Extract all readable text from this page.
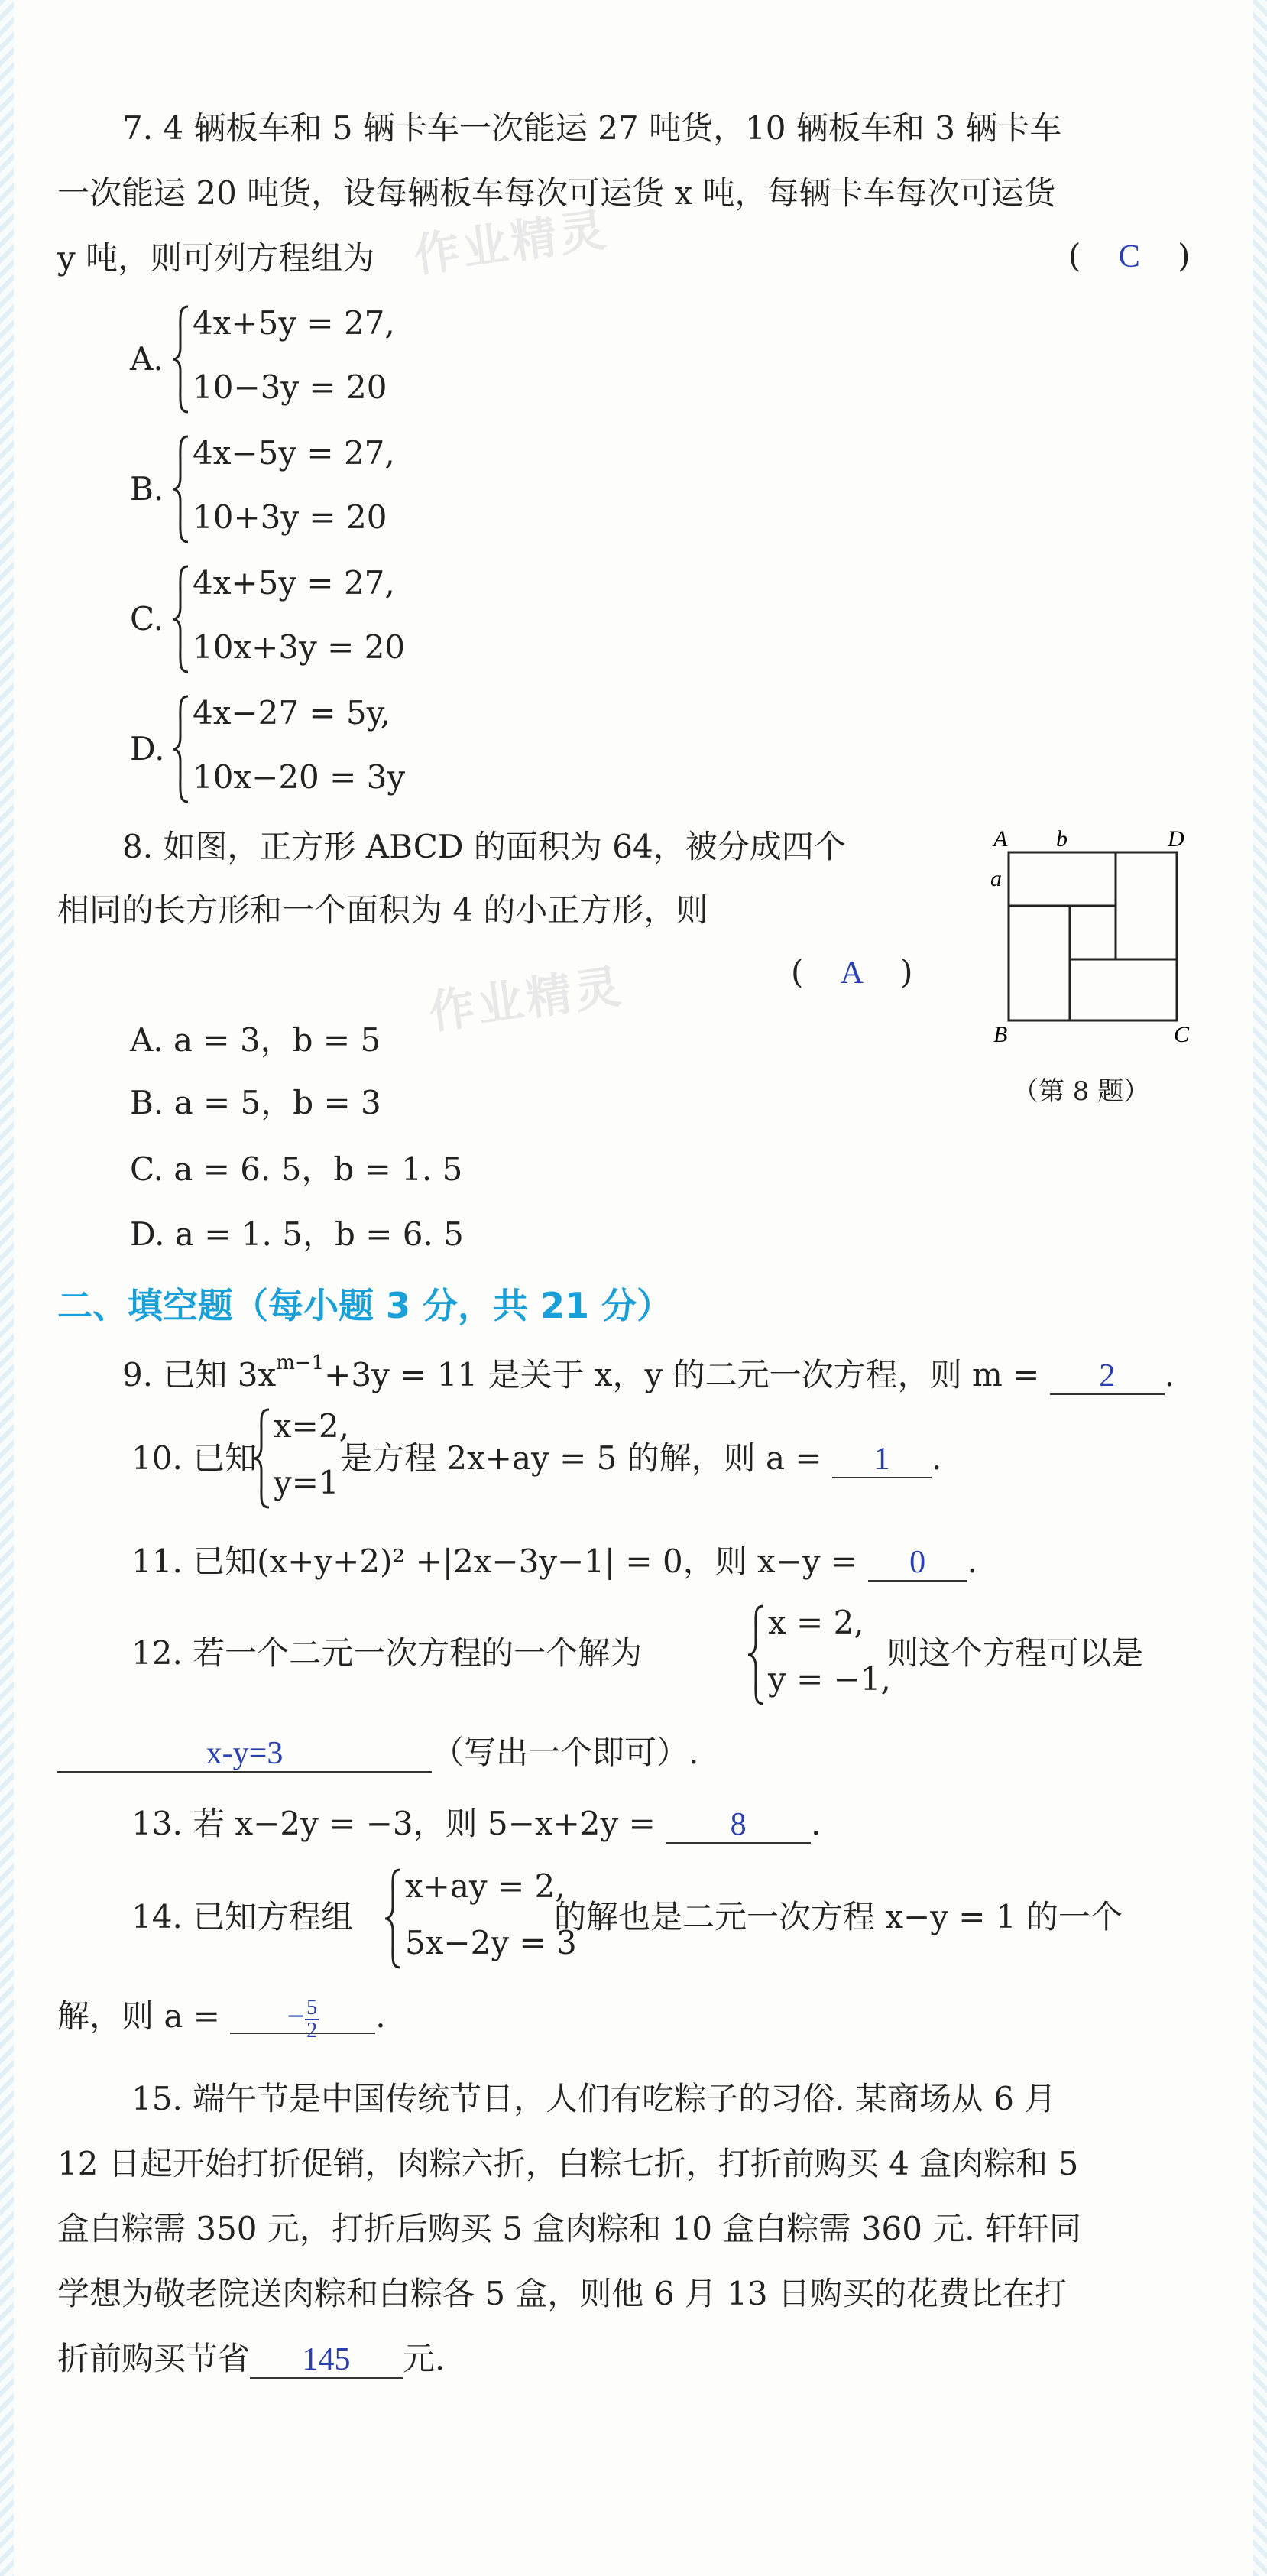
作业精灵
作业精灵
7. 4 辆板车和 5 辆卡车一次能运 27 吨货，10 辆板车和 3 辆卡车
一次能运 20 吨货，设每辆板车每次可运货 x 吨，每辆卡车每次可运货
y 吨，则可列方程组为	( C )
A.
4x+5y = 27,
10−3y = 20
B.
4x−5y = 27,
10+3y = 20
C.
4x+5y = 27,
10x+3y = 20
D.
4x−27 = 5y,
10x−20 = 3y
8. 如图，正方形 ABCD 的面积为 64，被分成四个
相同的长方形和一个面积为 4 的小正方形，则
( A )
A. a = 3，b = 5
B. a = 5，b = 3
C. a = 6. 5，b = 1. 5
D. a = 1. 5，b = 6. 5
A b	D
a
B	C
（第 8 题）
二、填空题（每小题 3 分，共 21 分）
9. 已知 $3x^{m-1}+3y = 11$ 是关于 x，y 的二元一次方程，则 m = 2 .
10. 已知
x=2,
y=1
是方程 2x+ay = 5 的解，则 a = 1 .
11. 已知(x+y+2)² +|2x−3y−1| = 0，则 x−y = 0 .
12. 若一个二元一次方程的一个解为
x = 2,
y = −1,
则这个方程可以是
x-y=3	（写出一个即可）.
13. 若 x−2y = −3，则 5−x+2y = 8 .
14. 已知方程组
x+ay = 2,
5x−2y = 3
的解也是二元一次方程 x−y = 1 的一个
解，则 a = − $\frac{5}{2}$ .
15. 端午节是中国传统节日，人们有吃粽子的习俗. 某商场从 6 月
12 日起开始打折促销，肉粽六折，白粽七折，打折前购买 4 盒肉粽和 5
盒白粽需 350 元，打折后购买 5 盒肉粽和 10 盒白粽需 360 元. 轩轩同
学想为敬老院送肉粽和白粽各 5 盒，则他 6 月 13 日购买的花费比在打
折前购买节省 145 元.
